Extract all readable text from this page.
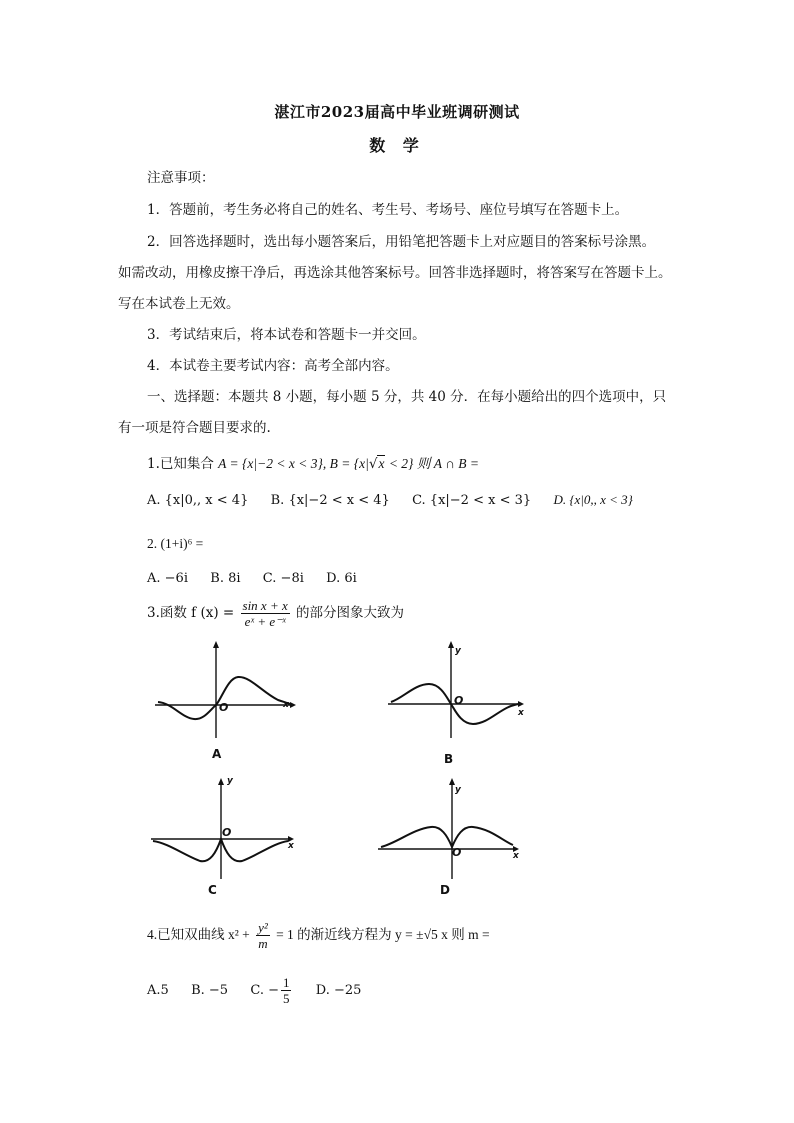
湛江市2023届高中毕业班调研测试
数 学
注意事项：
1．答题前，考生务必将自己的姓名、考生号、考场号、座位号填写在答题卡上。
2．回答选择题时，选出每小题答案后，用铅笔把答题卡上对应题目的答案标号涂黑。
如需改动，用橡皮擦干净后，再选涂其他答案标号。回答非选择题时，将答案写在答题卡上。
写在本试卷上无效。
3．考试结束后，将本试卷和答题卡一并交回。
4．本试卷主要考试内容：高考全部内容。
一、选择题：本题共 8 小题，每小题 5 分，共 40 分．在每小题给出的四个选项中，只
有一项是符合题目要求的.
1.已知集合 A = {x|−2 < x < 3}, B = {x|√x < 2} 则 A ∩ B =
A. {x|0,, x < 4} B. {x|−2 < x < 4} C. {x|−2 < x < 3} D. {x|0,, x < 3}
2. (1+i)⁶ =
A. −6i B. 8i C. −8i D. 6i
3.函数 f $(x) = \frac{\text{sin x + x}}{\text{eˣ + e⁻ˣ}}$ 的部分图象大致为
O	x
A
y
O
x
B
y
O
x
C
y
O	x
D
4.已知双曲线 $x^2 + \frac{\text{y²}}{m} = 1$ 的渐近线方程为 y = ±√5 x 则 m =
A.5 B. −5 C. − $\frac{1}{5} D$. −25
